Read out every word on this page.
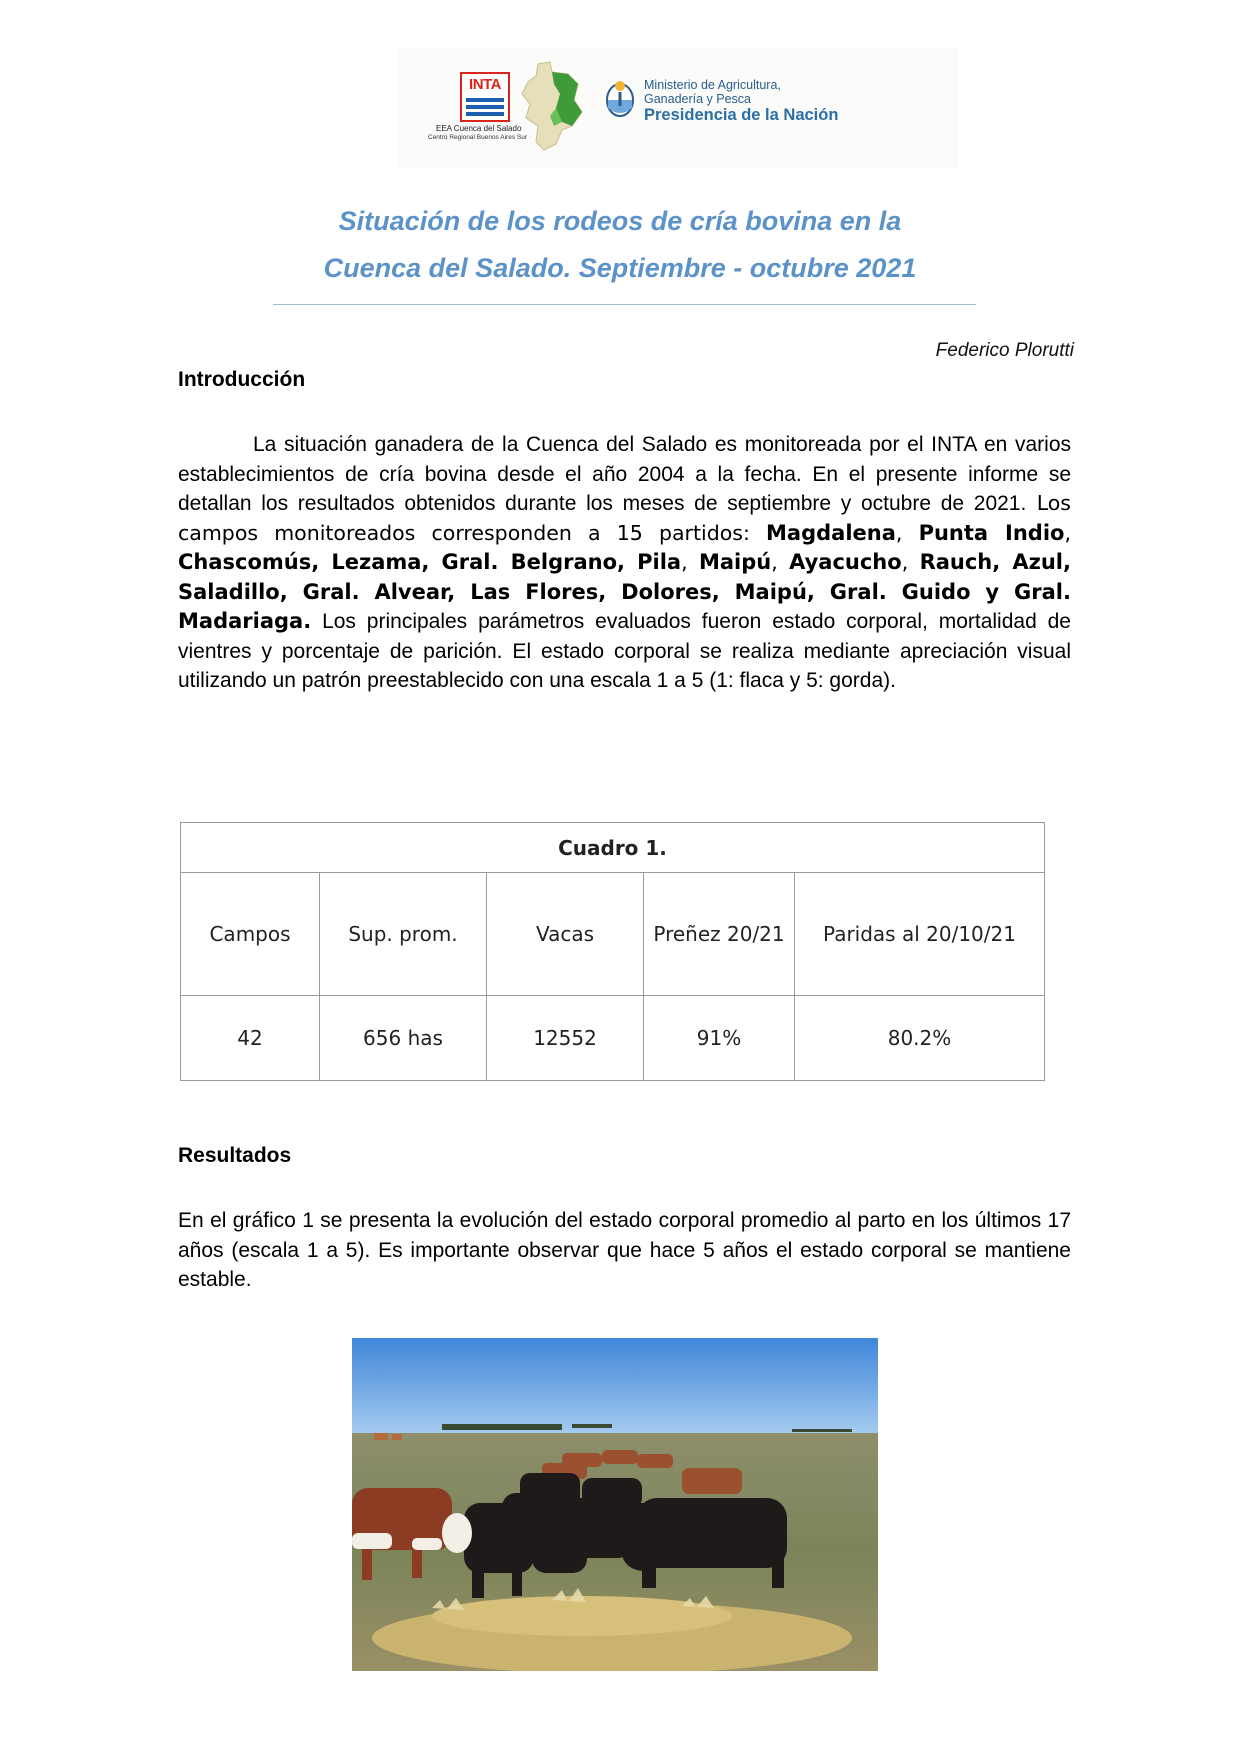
INTA
EEA Cuenca del Salado
Centro Regional Buenos Aires Sur
Ministerio de Agricultura,
Ganadería y Pesca
Presidencia de la Nación
Situación de los rodeos de cría bovina en la
Cuenca del Salado. Septiembre - octubre 2021
Federico Plorutti
Introducción
La situación ganadera de la Cuenca del Salado es monitoreada por el INTA en varios establecimientos de cría bovina desde el año 2004 a la fecha. En el presente informe se detallan los resultados obtenidos durante los meses de septiembre y octubre de 2021. Los campos monitoreados corresponden a 15 partidos: Magdalena, Punta Indio, Chascomús, Lezama, Gral. Belgrano, Pila, Maipú, Ayacucho, Rauch, Azul, Saladillo, Gral. Alvear, Las Flores, Dolores, Maipú, Gral. Guido y Gral. Madariaga. Los principales parámetros evaluados fueron estado corporal, mortalidad de vientres y porcentaje de parición. El estado corporal se realiza mediante apreciación visual utilizando un patrón preestablecido con una escala 1 a 5 (1: flaca y 5: gorda).
Cuadro 1.				
Campos	Sup. prom.	Vacas	Preñez 20/21	Paridas al 20/10/21
42	656 has	12552	91%	80.2%
Resultados
En el gráfico 1 se presenta la evolución del estado corporal promedio al parto en los últimos 17 años (escala 1 a 5). Es importante observar que hace 5 años el estado corporal se mantiene estable.
